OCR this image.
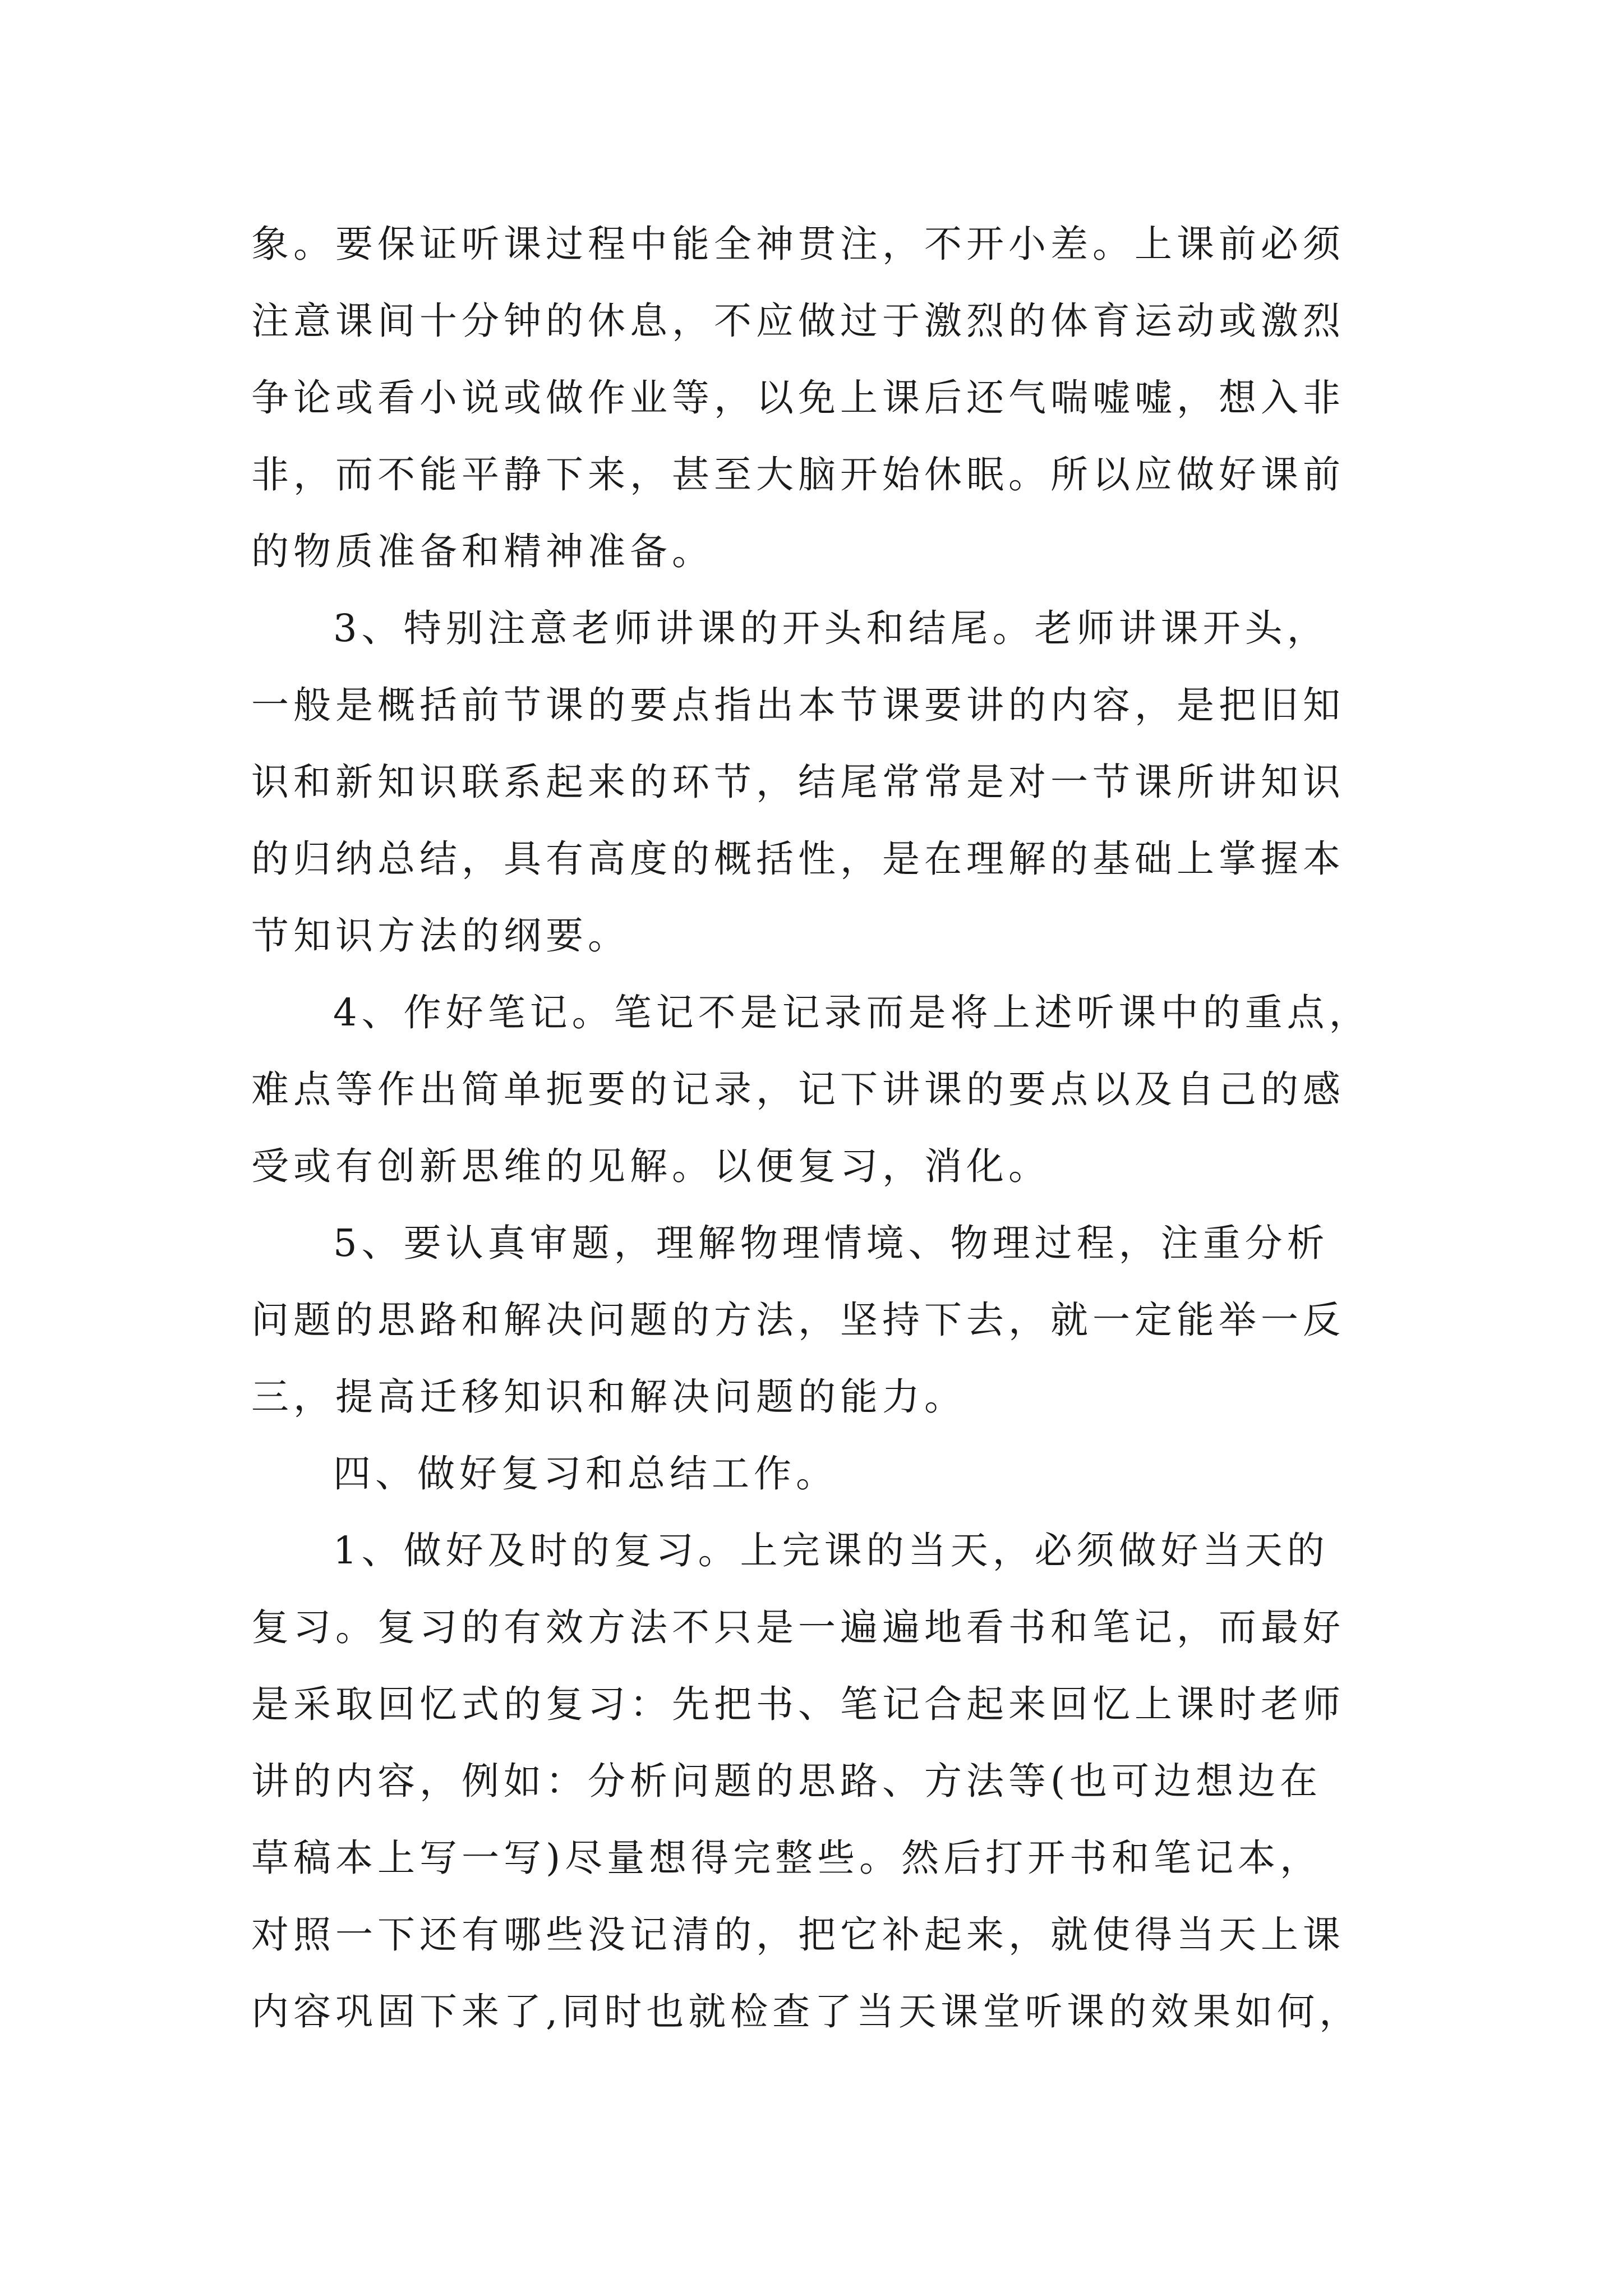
象。要保证听课过程中能全神贯注，不开小差。上课前必须
注意课间十分钟的休息，不应做过于激烈的体育运动或激烈
争论或看小说或做作业等，以免上课后还气喘嘘嘘，想入非
非，而不能平静下来，甚至大脑开始休眠。所以应做好课前
的物质准备和精神准备。
3、特别注意老师讲课的开头和结尾。老师讲课开头，
一般是概括前节课的要点指出本节课要讲的内容，是把旧知
识和新知识联系起来的环节，结尾常常是对一节课所讲知识
的归纳总结，具有高度的概括性，是在理解的基础上掌握本
节知识方法的纲要。
4、作好笔记。笔记不是记录而是将上述听课中的重点，
难点等作出简单扼要的记录，记下讲课的要点以及自己的感
受或有创新思维的见解。以便复习，消化。
5、要认真审题，理解物理情境、物理过程，注重分析
问题的思路和解决问题的方法，坚持下去，就一定能举一反
三，提高迁移知识和解决问题的能力。
四、做好复习和总结工作。
1、做好及时的复习。上完课的当天，必须做好当天的
复习。复习的有效方法不只是一遍遍地看书和笔记，而最好
是采取回忆式的复习：先把书、笔记合起来回忆上课时老师
讲的内容，例如：分析问题的思路、方法等(也可边想边在
草稿本上写一写)尽量想得完整些。然后打开书和笔记本，
对照一下还有哪些没记清的，把它补起来，就使得当天上课
内容巩固下来了,同时也就检查了当天课堂听课的效果如何，
